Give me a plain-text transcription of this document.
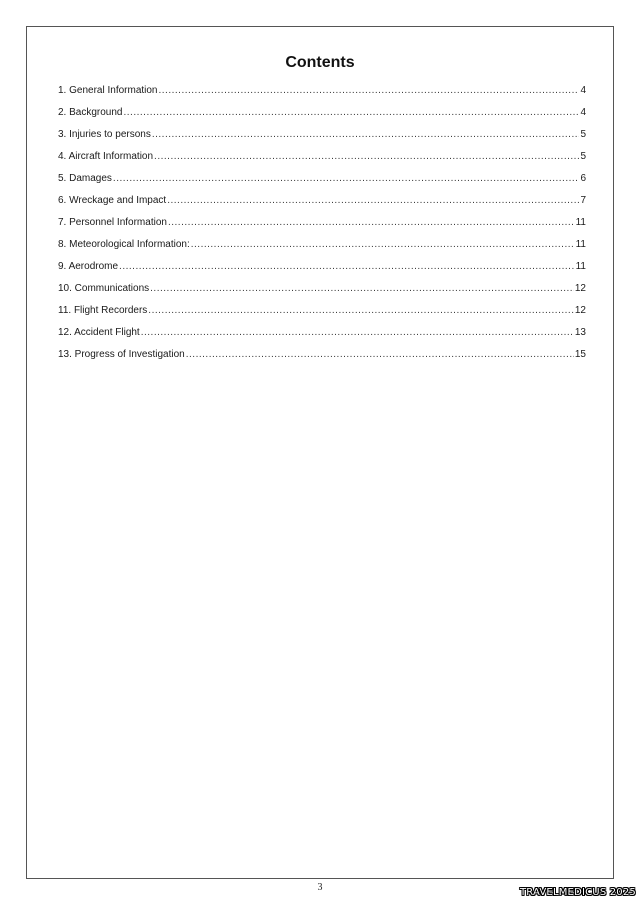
Contents
1. General Information .....	4
2. Background .....	4
3. Injuries to persons .....	5
4. Aircraft Information .....	5
5. Damages .....	6
6. Wreckage and Impact .....	7
7. Personnel Information .....	11
8. Meteorological Information: .....	11
9. Aerodrome .....	11
10. Communications .....	12
11. Flight Recorders .....	12
12. Accident Flight .....	13
13. Progress of Investigation .....	15
3	TRAVELMEDICUS 2025
